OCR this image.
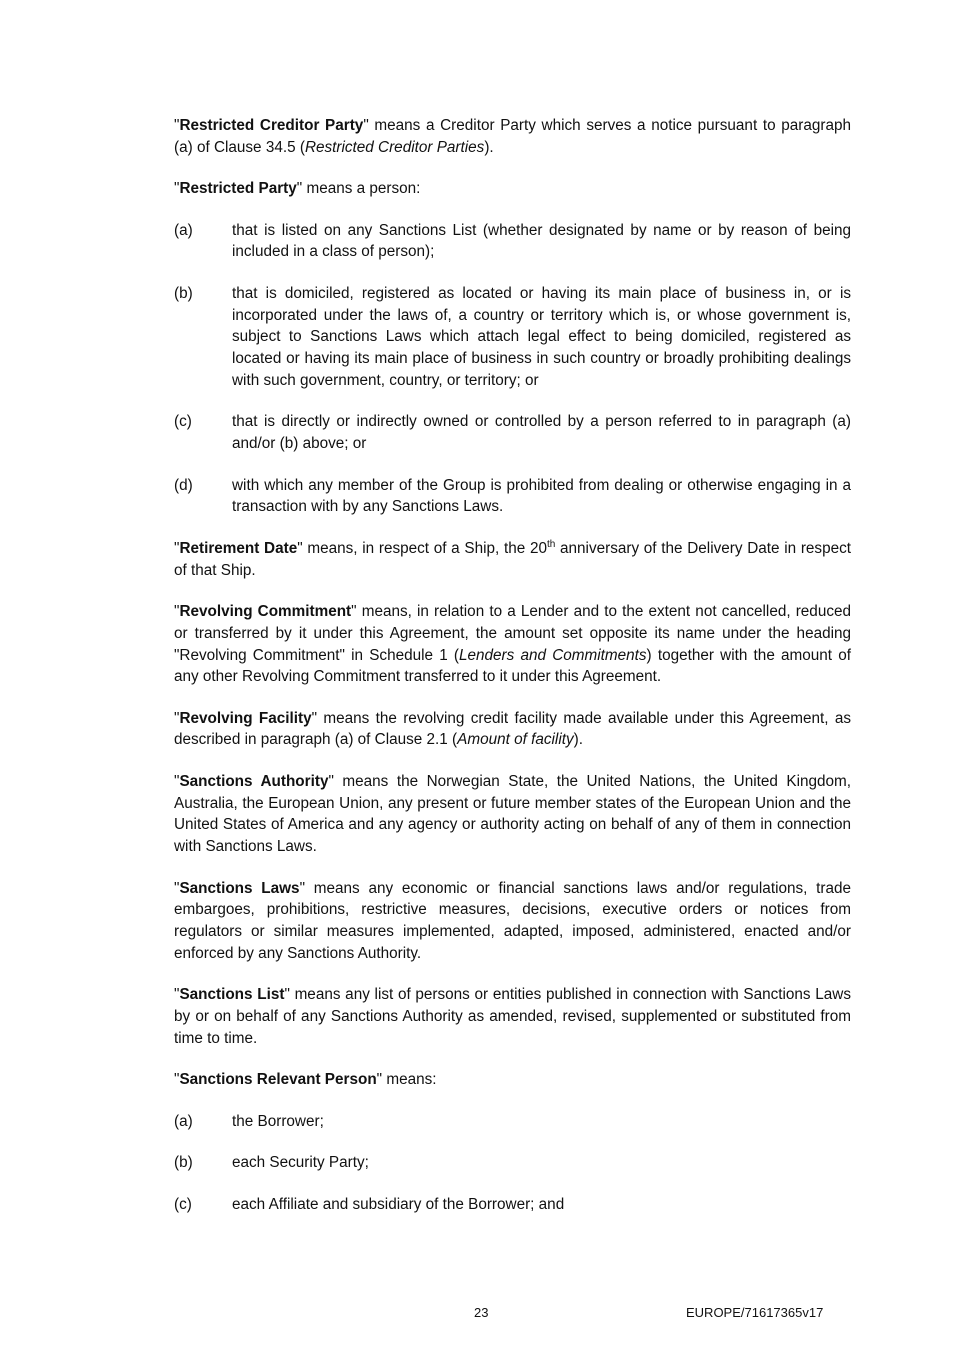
"Restricted Creditor Party" means a Creditor Party which serves a notice pursuant to paragraph (a) of Clause 34.5 (Restricted Creditor Parties).

"Restricted Party" means a person:

(a)	that is listed on any Sanctions List (whether designated by name or by reason of being included in a class of person);
(b)	that is domiciled, registered as located or having its main place of business in, or is incorporated under the laws of, a country or territory which is, or whose government is, subject to Sanctions Laws which attach legal effect to being domiciled, registered as located or having its main place of business in such country or broadly prohibiting dealings with such government, country, or territory; or
(c)	that is directly or indirectly owned or controlled by a person referred to in paragraph (a) and/or (b) above; or
(d)	with which any member of the Group is prohibited from dealing or otherwise engaging in a transaction with by any Sanctions Laws.

"Retirement Date" means, in respect of a Ship, the 20th anniversary of the Delivery Date in respect of that Ship.

"Revolving Commitment" means, in relation to a Lender and to the extent not cancelled, reduced or transferred by it under this Agreement, the amount set opposite its name under the heading "Revolving Commitment" in Schedule 1 (Lenders and Commitments) together with the amount of any other Revolving Commitment transferred to it under this Agreement.

"Revolving Facility" means the revolving credit facility made available under this Agreement, as described in paragraph (a) of Clause 2.1 (Amount of facility).

"Sanctions Authority" means the Norwegian State, the United Nations, the United Kingdom, Australia, the European Union, any present or future member states of the European Union and the United States of America and any agency or authority acting on behalf of any of them in connection with Sanctions Laws.

"Sanctions Laws" means any economic or financial sanctions laws and/or regulations, trade embargoes, prohibitions, restrictive measures, decisions, executive orders or notices from regulators or similar measures implemented, adapted, imposed, administered, enacted and/or enforced by any Sanctions Authority.

"Sanctions List" means any list of persons or entities published in connection with Sanctions Laws by or on behalf of any Sanctions Authority as amended, revised, supplemented or substituted from time to time.

"Sanctions Relevant Person" means:

(a)	the Borrower;
(b)	each Security Party;
(c)	each Affiliate and subsidiary of the Borrower; and
23	EUROPE/71617365v17
